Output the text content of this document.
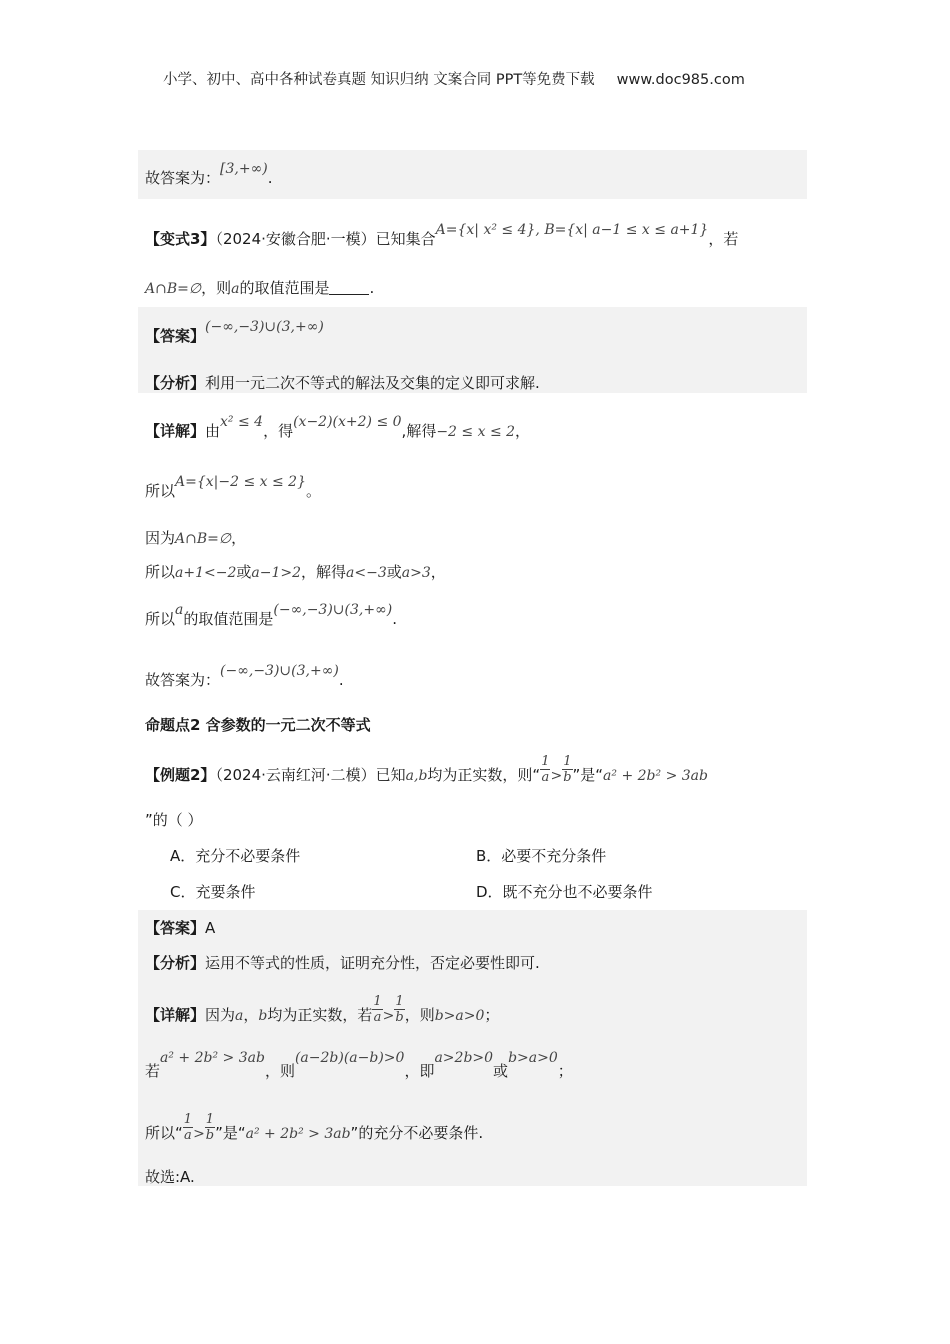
小学、初中、高中各种试卷真题 知识归纳 文案合同 PPT等免费下载 www.doc985.com
故答案为：[3,+∞).
【变式3】（2024·安徽合肥·一模）已知集合A={x| x² ≤ 4}, B={x| a−1 ≤ x ≤ a+1}，若
A∩B=∅，则a的取值范围是	.
【答案】(−∞,−3)∪(3,+∞)
【分析】利用一元二次不等式的解法及交集的定义即可求解.
【详解】由x² ≤ 4，得(x−2)(x+2) ≤ 0,解得−2 ≤ x ≤ 2，
所以A={x|−2 ≤ x ≤ 2}。
因为A∩B=∅，
所以a+1<−2或a−1>2，解得a<−3或a>3，
所以a的取值范围是(−∞,−3)∪(3,+∞).
故答案为：(−∞,−3)∪(3,+∞).
命题点2 含参数的一元二次不等式
【例题2】（2024·云南红河·二模）已知a,b均为正实数，则“ $\frac{1}{a} > \frac{1}{b}$ ”是“a² + 2b² > 3ab
”的（ ）
A．充分不必要条件	B．必要不充分条件
C．充要条件	D．既不充分也不必要条件
【答案】A
【分析】运用不等式的性质，证明充分性，否定必要性即可.
【详解】因为a，b均为正实数，若 $\frac{1}{a} > \frac{1}{b}$ ，则b>a>0；
若a² + 2b² > 3ab，则(a−2b)(a−b)>0，即a>2b>0或b>a>0；
所以“ $\frac{1}{a} > \frac{1}{b}$ ”是“a² + 2b² > 3ab”的充分不必要条件.
故选:A.
